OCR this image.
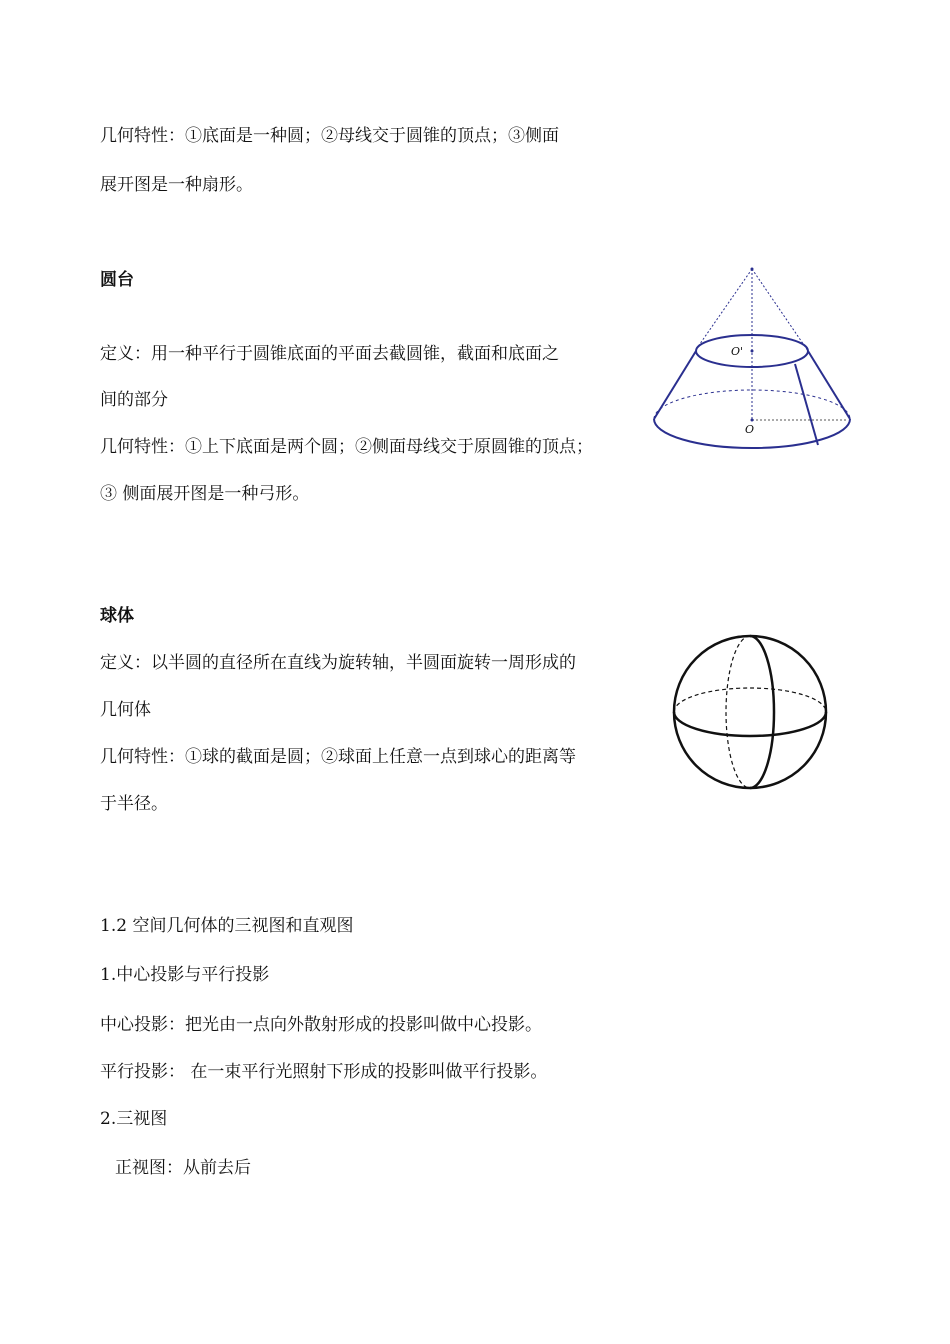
几何特性：①底面是一种圆；②母线交于圆锥的顶点；③侧面
展开图是一种扇形。
圆台
定义：用一种平行于圆锥底面的平面去截圆锥，截面和底面之
间的部分
几何特性：①上下底面是两个圆；②侧面母线交于原圆锥的顶点；
③ 侧面展开图是一种弓形。
O'
O
球体
定义：以半圆的直径所在直线为旋转轴，半圆面旋转一周形成的
几何体
几何特性：①球的截面是圆；②球面上任意一点到球心的距离等
于半径。
1.2 空间几何体的三视图和直观图
1.中心投影与平行投影
中心投影：把光由一点向外散射形成的投影叫做中心投影。
平行投影： 在一束平行光照射下形成的投影叫做平行投影。
2.三视图
正视图：从前去后
